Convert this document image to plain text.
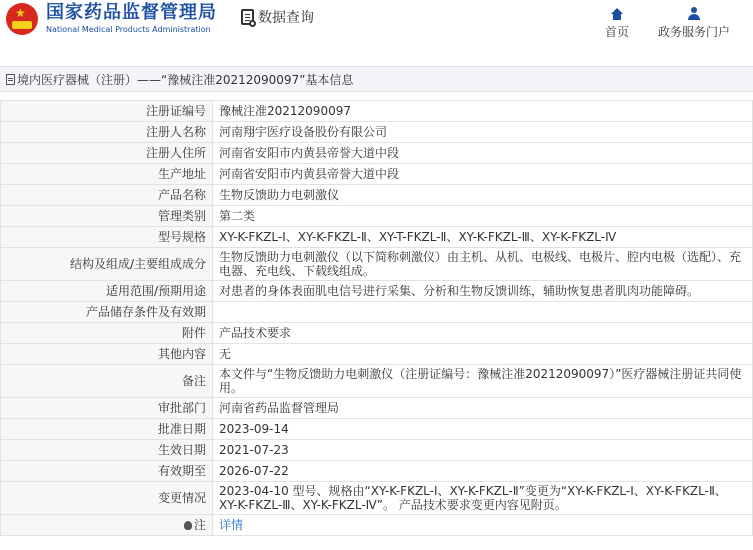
★ 国家药品监督管理局
National Medical Products Administration
数据查询
首页	政务服务门户
境内医疗器械（注册）——“豫械注准20212090097”基本信息
注册证编号	豫械注准20212090097
注册人名称	河南翔宇医疗设备股份有限公司
注册人住所	河南省安阳市内黄县帝誉大道中段
生产地址	河南省安阳市内黄县帝誉大道中段
产品名称	生物反馈助力电刺激仪
管理类别	第二类
型号规格	XY-K-FKZL-Ⅰ、XY-K-FKZL-Ⅱ、XY-T-FKZL-Ⅱ、XY-K-FKZL-Ⅲ、XY-K-FKZL-Ⅳ
结构及组成/主要组成成分	生物反馈助力电刺激仪（以下简称刺激仪）由主机、从机、电极线、电极片、腔内电极（选配）、充电器、充电线、下载线组成。
适用范围/预期用途	对患者的身体表面肌电信号进行采集、分析和生物反馈训练，辅助恢复患者肌肉功能障碍。
产品储存条件及有效期	
附件	产品技术要求
其他内容	无
备注	本文件与“生物反馈助力电刺激仪（注册证编号：豫械注准20212090097）”医疗器械注册证共同使用。
审批部门	河南省药品监督管理局
批准日期	2023-09-14
生效日期	2021-07-23
有效期至	2026-07-22
变更情况	2023-04-10 型号、规格由“XY-K-FKZL-Ⅰ、XY-K-FKZL-Ⅱ”变更为“XY-K-FKZL-Ⅰ、XY-K-FKZL-Ⅱ、XY-K-FKZL-Ⅲ、XY-K-FKZL-Ⅳ”。 产品技术要求变更内容见附页。
注	详情
